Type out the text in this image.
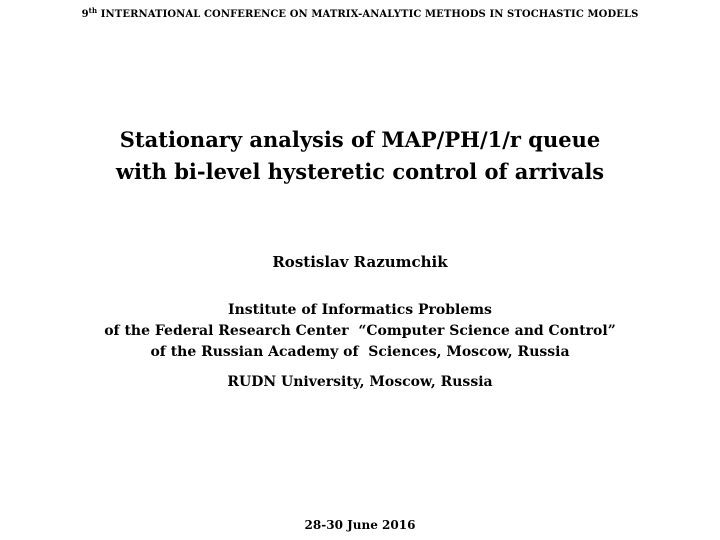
9th INTERNATIONAL CONFERENCE ON MATRIX-ANALYTIC METHODS IN STOCHASTIC MODELS
Stationary analysis of MAP/PH/1/r queue
with bi-level hysteretic control of arrivals
Rostislav Razumchik
Institute of Informatics Problems
of the Federal Research Center  “Computer Science and Control”
of the Russian Academy of  Sciences, Moscow, Russia
RUDN University, Moscow, Russia
28-30 June 2016
